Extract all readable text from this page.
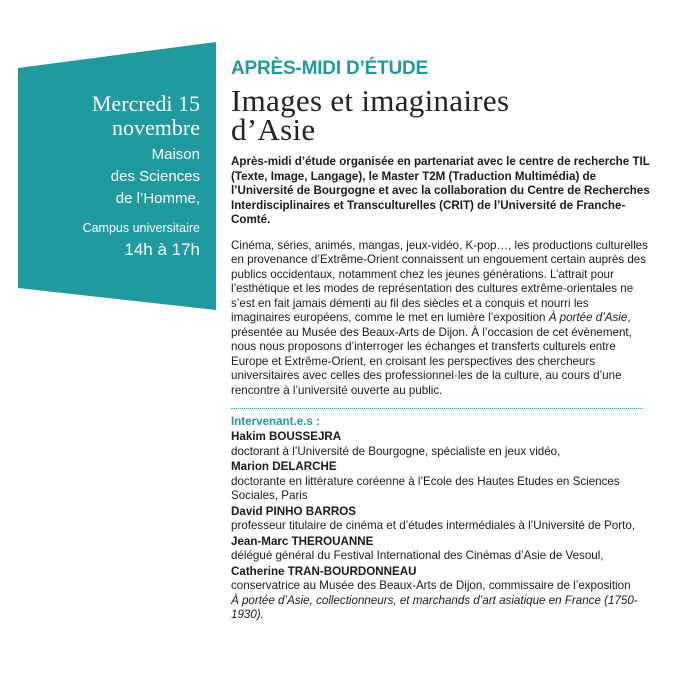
Mercredi 15
novembre
Maison
des Sciences
de l’Homme,
Campus universitaire
14h à 17h
APRÈS-MIDI D’ÉTUDE
Images et imaginaires
d’Asie
Après-midi d’étude organisée en partenariat avec le centre de recherche TIL (Texte, Image, Langage), le Master T2M (Traduction Multimédia) de l’Université de Bourgogne et avec la collaboration du Centre de Recherches Interdisciplinaires et Transculturelles (CRIT) de l’Université de Franche-Comté.
Cinéma, séries, animés, mangas, jeux-vidéo, K-pop…, les productions culturelles en provenance d’Extrême-Orient connaissent un engouement certain auprès des publics occidentaux, notamment chez les jeunes générations. L’attrait pour l’esthétique et les modes de représentation des cultures extrême-orientales ne s’est en fait jamais démenti au fil des siècles et a conquis et nourri les imaginaires européens, comme le met en lumière l’exposition À portée d’Asie, présentée au Musée des Beaux-Arts de Dijon. À l’occasion de cet évènement, nous nous proposons d’interroger les échanges et transferts culturels entre Europe et Extrême-Orient, en croisant les perspectives des chercheurs universitaires avec celles des professionnel·les de la culture, au cours d’une rencontre à l’université ouverte au public.
Intervenant.e.s :
Hakim BOUSSEJRA
doctorant à l’Université de Bourgogne, spécialiste en jeux vidéo,
Marion DELARCHE
doctorante en littérature coréenne à l’Ecole des Hautes Etudes en Sciences Sociales, Paris
David PINHO BARROS
professeur titulaire de cinéma et d’études intermédiales à l’Université de Porto,
Jean-Marc THEROUANNE
délégué général du Festival International des Cinémas d’Asie de Vesoul,
Catherine TRAN-BOURDONNEAU
conservatrice au Musée des Beaux-Arts de Dijon, commissaire de l’exposition
À portée d’Asie, collectionneurs, et marchands d’art asiatique en France (1750-1930).
